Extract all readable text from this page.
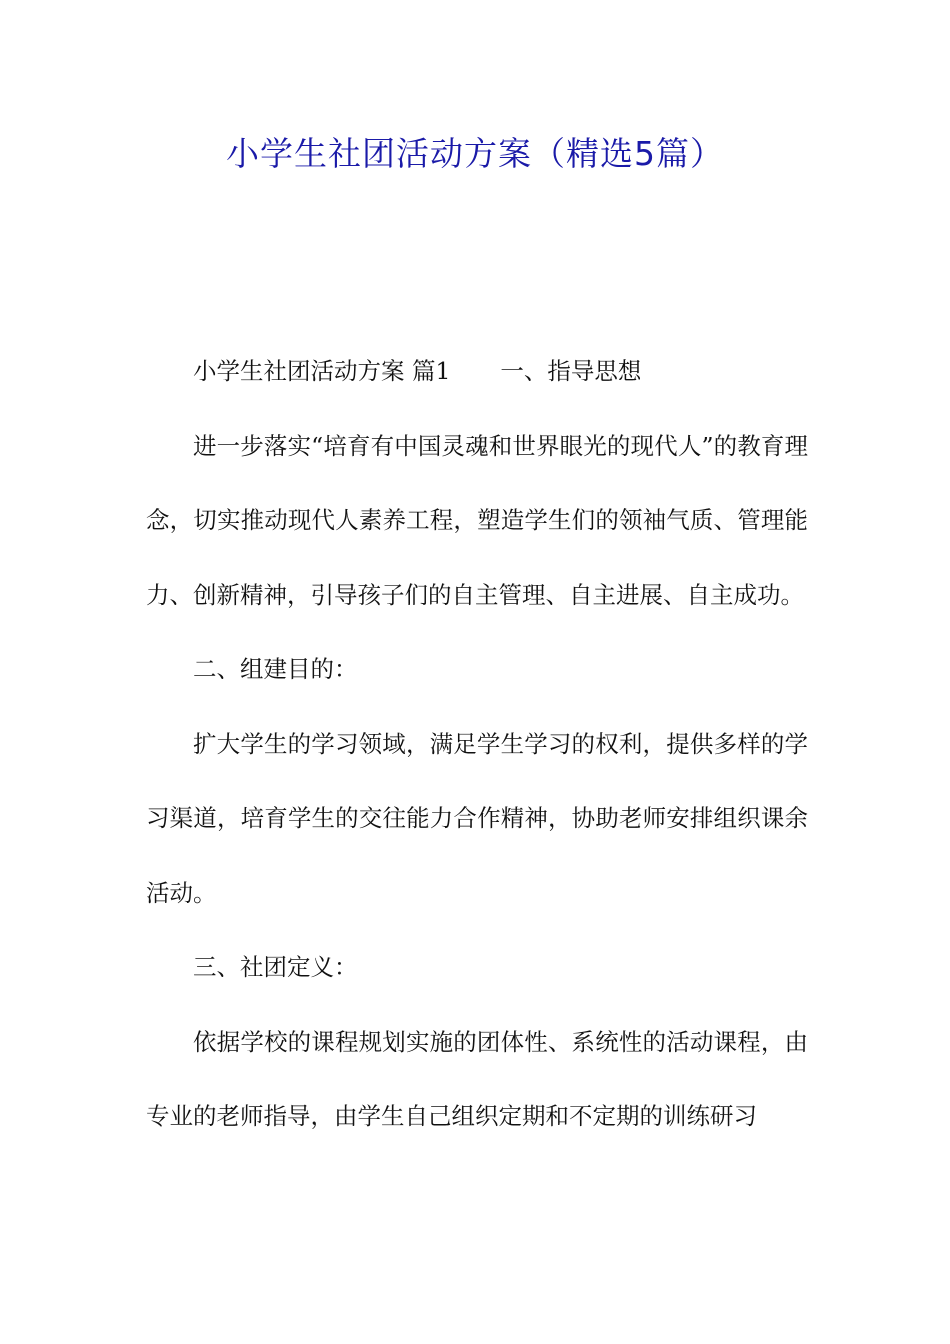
小学生社团活动方案（精选5篇）

小学生社团活动方案 篇1 一、指导思想

进一步落实“培育有中国灵魂和世界眼光的现代人”的教育理念，切实推动现代人素养工程，塑造学生们的领袖气质、管理能力、创新精神，引导孩子们的自主管理、自主进展、自主成功。

二、组建目的：

扩大学生的学习领域，满足学生学习的权利，提供多样的学习渠道，培育学生的交往能力合作精神，协助老师安排组织课余活动。

三、社团定义：

依据学校的课程规划实施的团体性、系统性的活动课程，由专业的老师指导，由学生自己组织定期和不定期的训练研习
